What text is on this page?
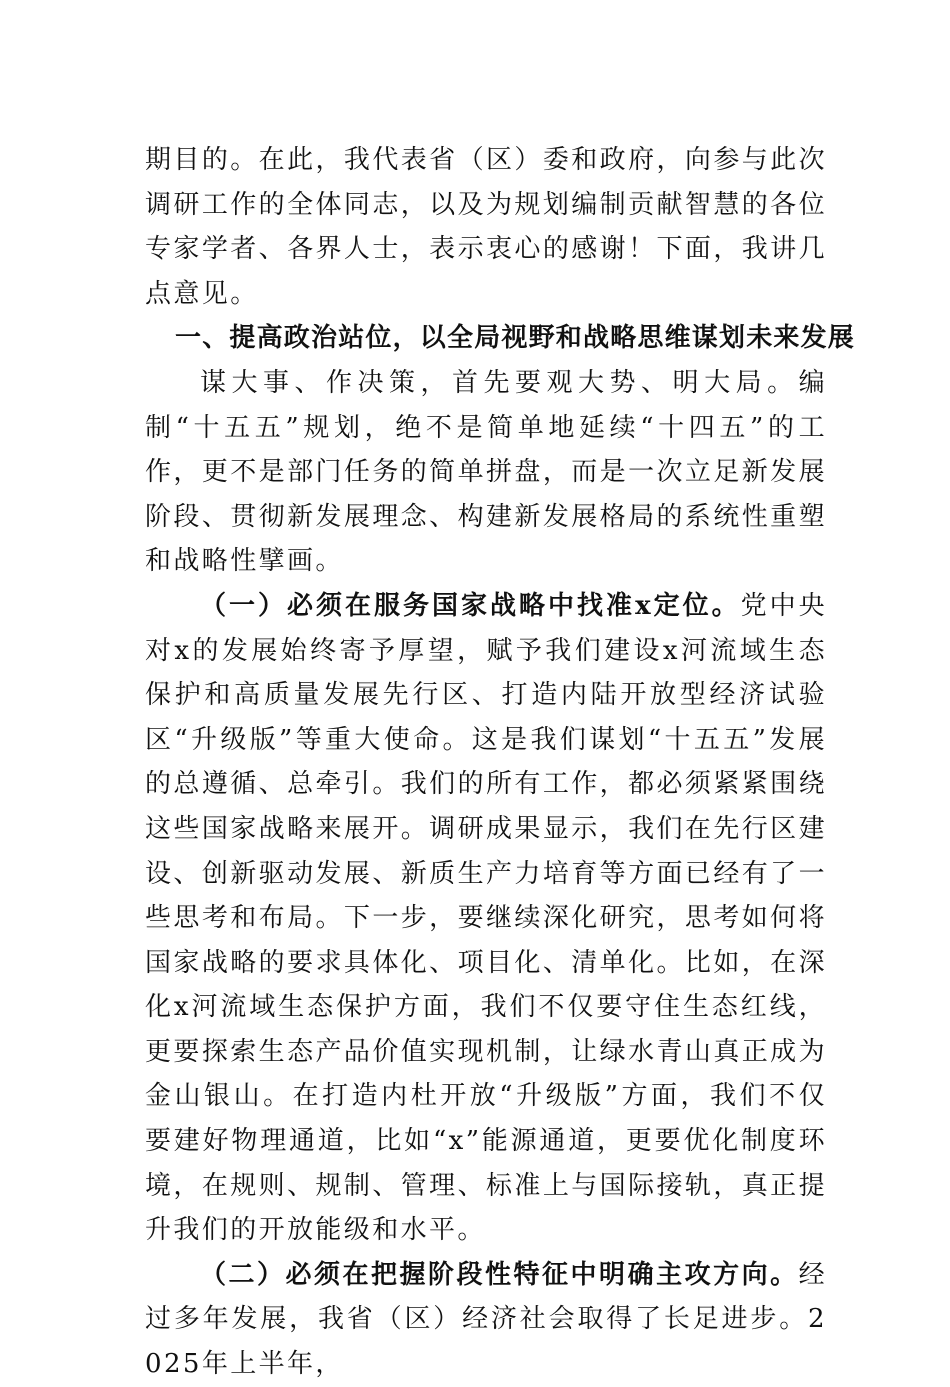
期目的。在此，我代表省（区）委和政府，向参与此次调研工作的全体同志，以及为规划编制贡献智慧的各位专家学者、各界人士，表示衷心的感谢！下面，我讲几点意见。

一、提高政治站位，以全局视野和战略思维谋划未来发展

谋大事、作决策，首先要观大势、明大局。编制“十五五”规划，绝不是简单地延续“十四五”的工作，更不是部门任务的简单拼盘，而是一次立足新发展阶段、贯彻新发展理念、构建新发展格局的系统性重塑和战略性擘画。

（一）必须在服务国家战略中找准x定位。党中央对x的发展始终寄予厚望，赋予我们建设x河流域生态保护和高质量发展先行区、打造内陆开放型经济试验区“升级版”等重大使命。这是我们谋划“十五五”发展的总遵循、总牵引。我们的所有工作，都必须紧紧围绕这些国家战略来展开。调研成果显示，我们在先行区建设、创新驱动发展、新质生产力培育等方面已经有了一些思考和布局。下一步，要继续深化研究，思考如何将国家战略的要求具体化、项目化、清单化。比如，在深化x河流域生态保护方面，我们不仅要守住生态红线，更要探索生态产品价值实现机制，让绿水青山真正成为金山银山。在打造内杜开放“升级版”方面，我们不仅要建好物理通道，比如“x”能源通道，更要优化制度环境，在规则、规制、管理、标准上与国际接轨，真正提升我们的开放能级和水平。

（二）必须在把握阶段性特征中明确主攻方向。经过多年发展，我省（区）经济社会取得了长足进步。2025年上半年，
